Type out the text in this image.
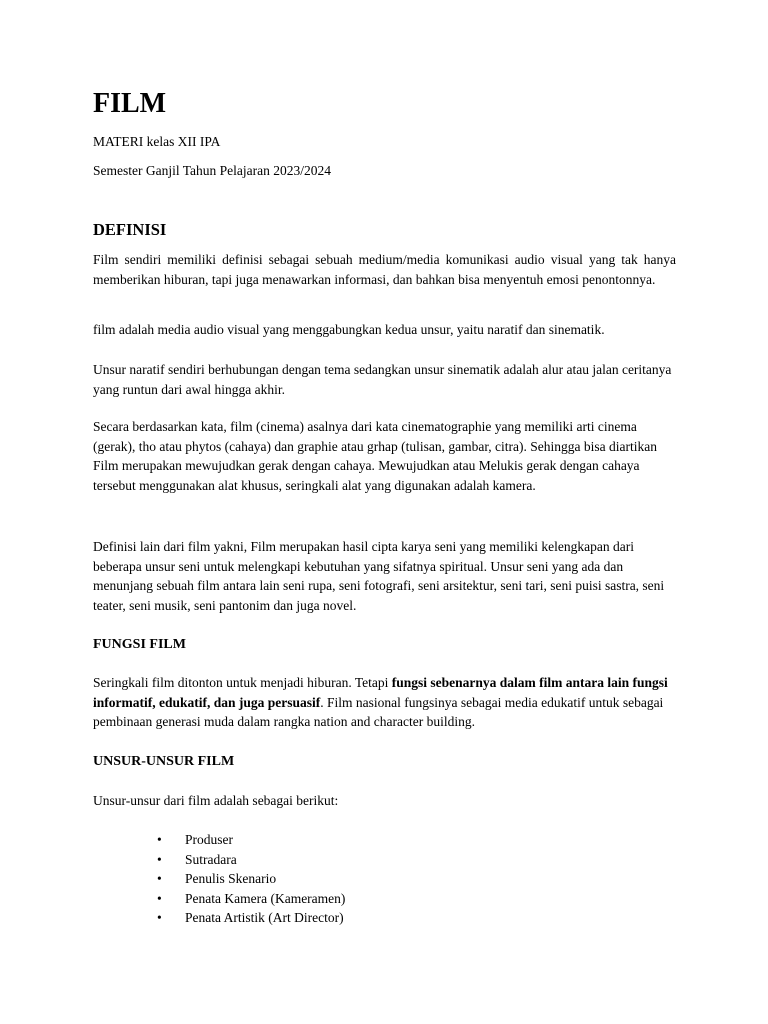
FILM

MATERI kelas XII IPA

Semester Ganjil Tahun Pelajaran 2023/2024

DEFINISI

Film sendiri memiliki definisi sebagai sebuah medium/media komunikasi audio visual yang tak hanya memberikan hiburan, tapi juga menawarkan informasi, dan bahkan bisa menyentuh emosi penontonnya.

film adalah media audio visual yang menggabungkan kedua unsur, yaitu naratif dan sinematik.

Unsur naratif sendiri berhubungan dengan tema sedangkan unsur sinematik adalah alur atau jalan ceritanya yang runtun dari awal hingga akhir.

Secara berdasarkan kata, film (cinema) asalnya dari kata cinematographie yang memiliki arti cinema (gerak), tho atau phytos (cahaya) dan graphie atau grhap (tulisan, gambar, citra). Sehingga bisa diartikan Film merupakan mewujudkan gerak dengan cahaya. Mewujudkan atau Melukis gerak dengan cahaya tersebut menggunakan alat khusus, seringkali alat yang digunakan adalah kamera.

Definisi lain dari film yakni, Film merupakan hasil cipta karya seni yang memiliki kelengkapan dari beberapa unsur seni untuk melengkapi kebutuhan yang sifatnya spiritual. Unsur seni yang ada dan menunjang sebuah film antara lain seni rupa, seni fotografi, seni arsitektur, seni tari, seni puisi sastra, seni teater, seni musik, seni pantonim dan juga novel.

FUNGSI FILM

Seringkali film ditonton untuk menjadi hiburan. Tetapi fungsi sebenarnya dalam film antara lain fungsi informatif, edukatif, dan juga persuasif. Film nasional fungsinya sebagai media edukatif untuk sebagai pembinaan generasi muda dalam rangka nation and character building.

UNSUR-UNSUR FILM

Unsur-unsur dari film adalah sebagai berikut:

• Produser
• Sutradara
• Penulis Skenario
• Penata Kamera (Kameramen)
• Penata Artistik (Art Director)
